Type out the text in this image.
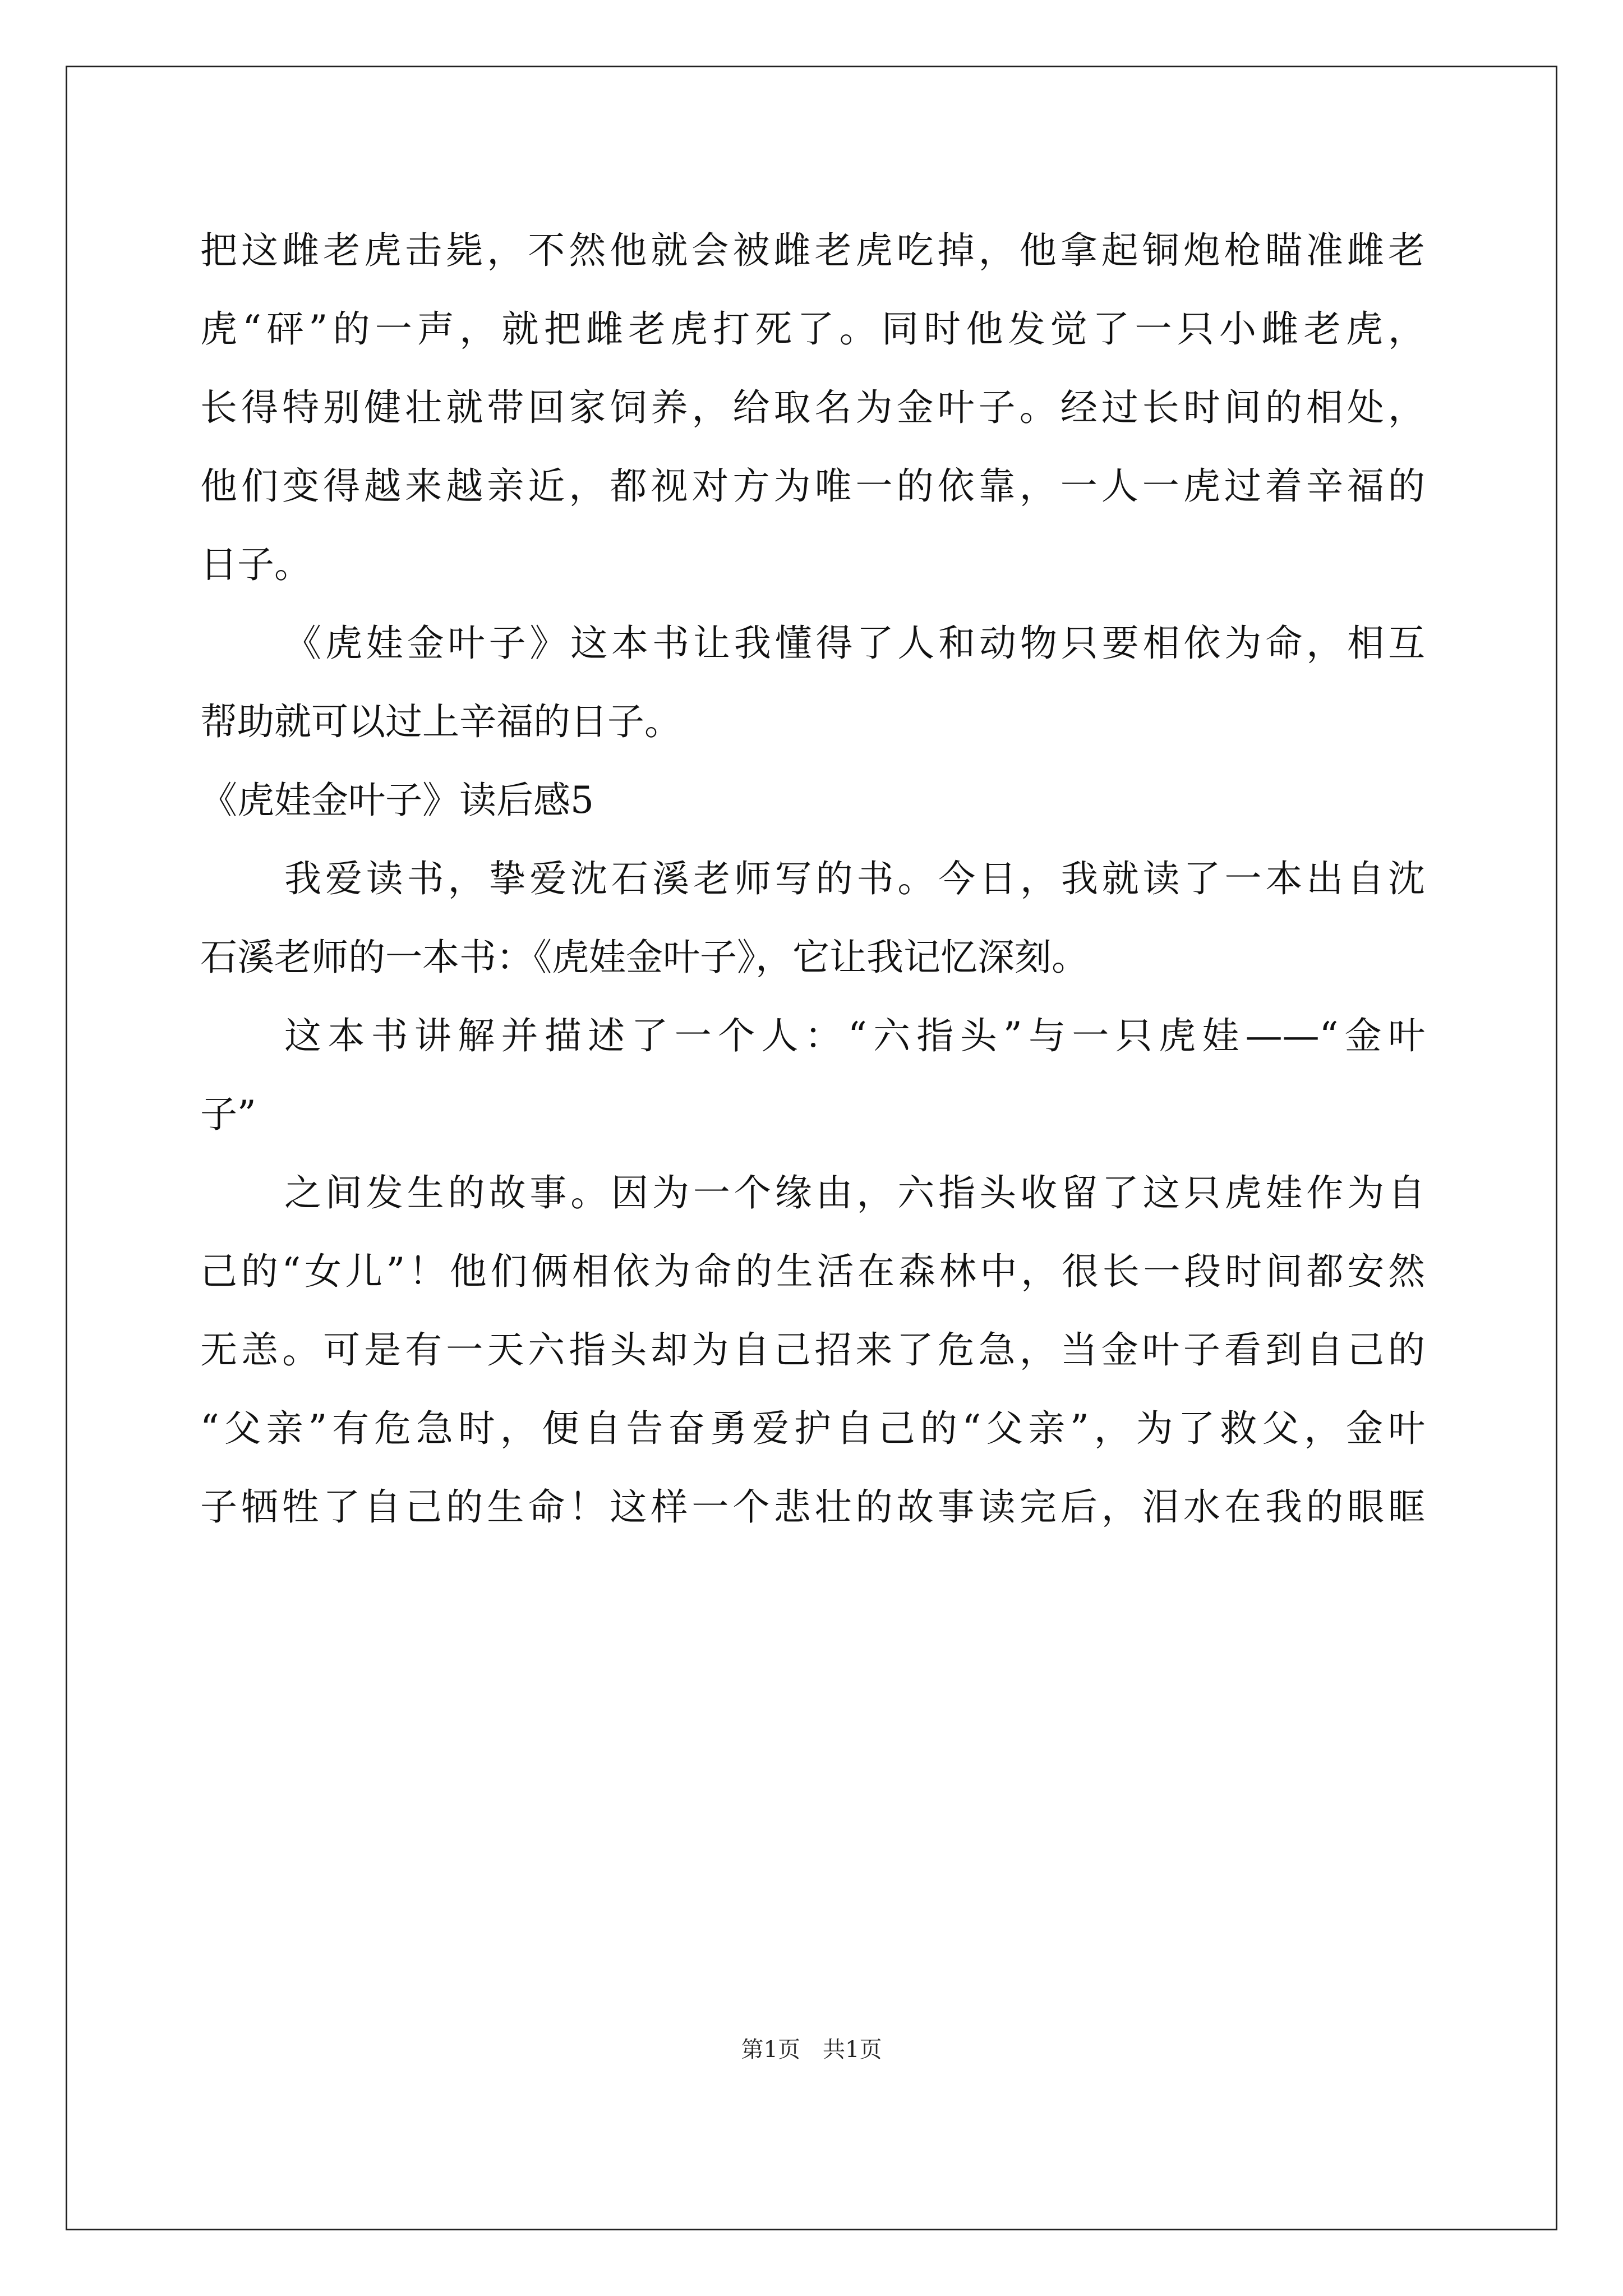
把这雌老虎击毙，不然他就会被雌老虎吃掉，他拿起铜炮枪瞄准雌老

虎“砰”的一声，就把雌老虎打死了。同时他发觉了一只小雌老虎，

长得特别健壮就带回家饲养，给取名为金叶子。经过长时间的相处，

他们变得越来越亲近，都视对方为唯一的依靠，一人一虎过着辛福的

日子。

《虎娃金叶子》这本书让我懂得了人和动物只要相依为命，相互

帮助就可以过上辛福的日子。

《虎娃金叶子》读后感5

我爱读书，挚爱沈石溪老师写的书。今日，我就读了一本出自沈

石溪老师的一本书：《虎娃金叶子》，它让我记忆深刻。

这本书讲解并描述了一个人：“六指头”与一只虎娃——“金叶

子”

之间发生的故事。因为一个缘由，六指头收留了这只虎娃作为自

己的“女儿”！他们俩相依为命的生活在森林中，很长一段时间都安然

无恙。可是有一天六指头却为自己招来了危急，当金叶子看到自己的

“父亲”有危急时，便自告奋勇爱护自己的“父亲”，为了救父，金叶

子牺牲了自己的生命！这样一个悲壮的故事读完后，泪水在我的眼眶

第1页　共1页
